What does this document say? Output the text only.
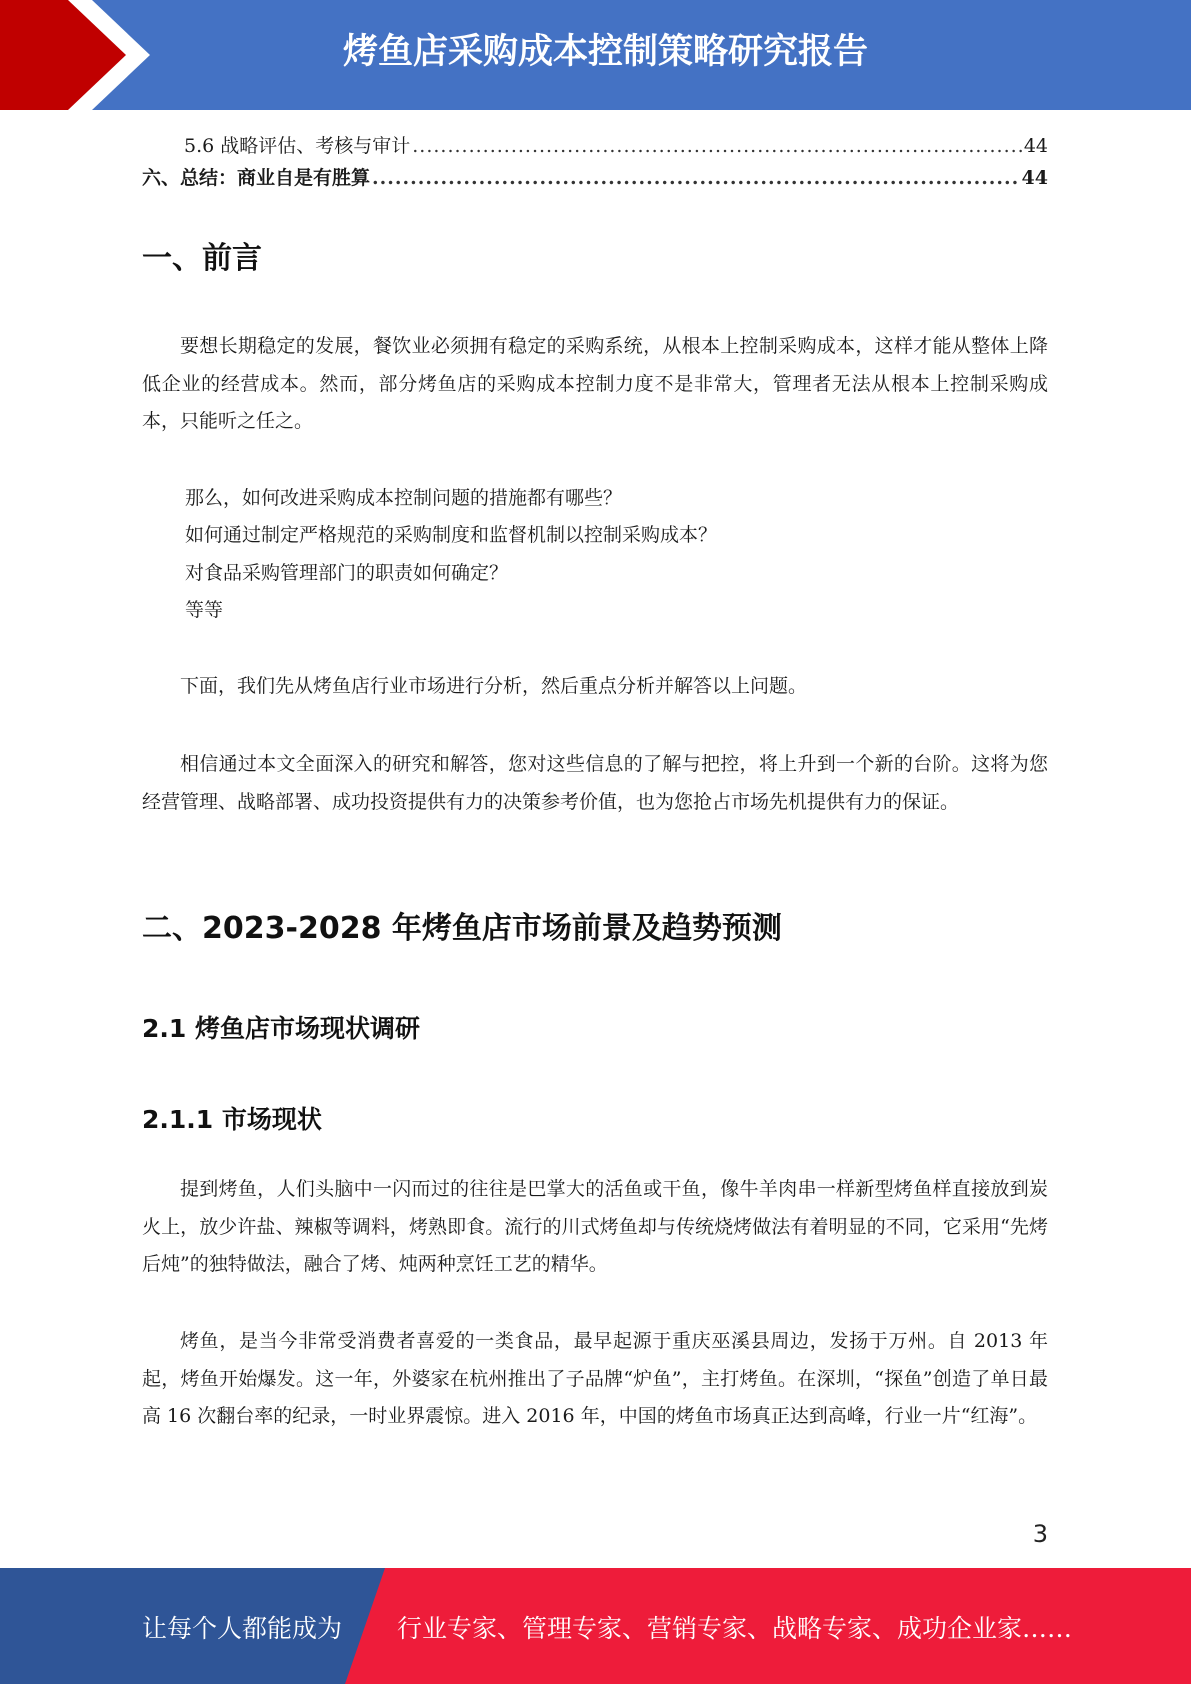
烤鱼店采购成本控制策略研究报告
5.6 战略评估、考核与审计 .....	44
六、总结：商业自是有胜算 .....	44
一、前言

要想长期稳定的发展，餐饮业必须拥有稳定的采购系统，从根本上控制采购成本，这样才能从整体上降低企业的经营成本。然而，部分烤鱼店的采购成本控制力度不是非常大，管理者无法从根本上控制采购成本，只能听之任之。

那么，如何改进采购成本控制问题的措施都有哪些？

如何通过制定严格规范的采购制度和监督机制以控制采购成本？

对食品采购管理部门的职责如何确定？

等等

下面，我们先从烤鱼店行业市场进行分析，然后重点分析并解答以上问题。

相信通过本文全面深入的研究和解答，您对这些信息的了解与把控，将上升到一个新的台阶。这将为您经营管理、战略部署、成功投资提供有力的决策参考价值，也为您抢占市场先机提供有力的保证。

二、2023-2028 年烤鱼店市场前景及趋势预测
2.1 烤鱼店市场现状调研
2.1.1 市场现状

提到烤鱼，人们头脑中一闪而过的往往是巴掌大的活鱼或干鱼，像牛羊肉串一样新型烤鱼样直接放到炭火上，放少许盐、辣椒等调料，烤熟即食。流行的川式烤鱼却与传统烧烤做法有着明显的不同，它采用“先烤后炖”的独特做法，融合了烤、炖两种烹饪工艺的精华。

烤鱼，是当今非常受消费者喜爱的一类食品，最早起源于重庆巫溪县周边，发扬于万州。自 2013 年起，烤鱼开始爆发。这一年，外婆家在杭州推出了子品牌“炉鱼”，主打烤鱼。在深圳，“探鱼”创造了单日最高 16 次翻台率的纪录，一时业界震惊。进入 2016 年，中国的烤鱼市场真正达到高峰，行业一片“红海”。

3
让每个人都能成为 行业专家、管理专家、营销专家、战略专家、成功企业家……
